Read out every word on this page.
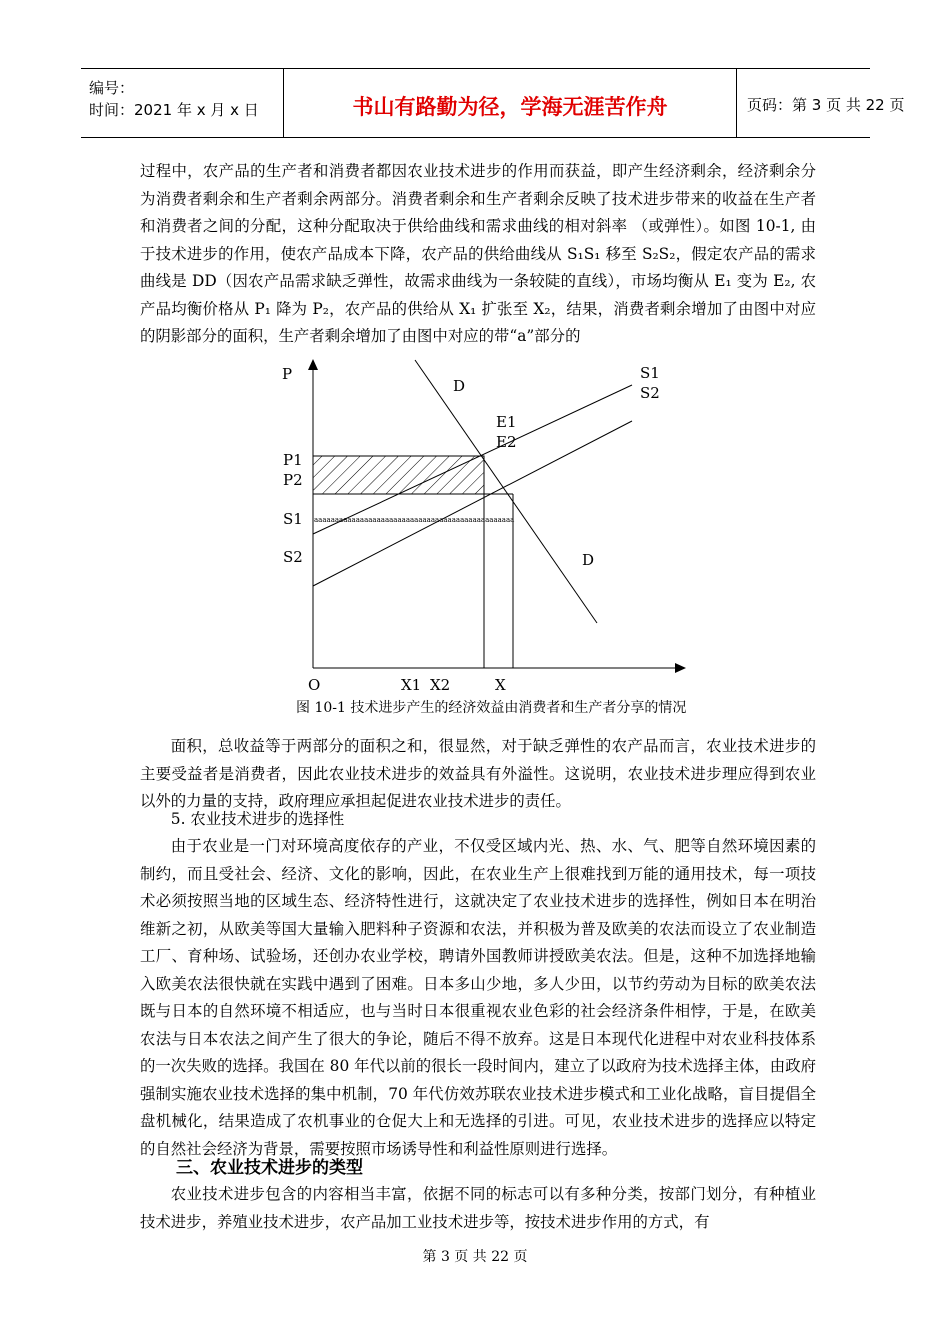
编号：
时间：2021 年 x 月 x 日	书山有路勤为径，学海无涯苦作舟	页码：第 3 页 共 22 页

过程中，农产品的生产者和消费者都因农业技术进步的作用而获益，即产生经济剩余，经济剩余分为消费者剩余和生产者剩余两部分。消费者剩余和生产者剩余反映了技术进步带来的收益在生产者和消费者之间的分配，这种分配取决于供给曲线和需求曲线的相对斜率 （或弹性）。如图 10-1, 由于技术进步的作用，使农产品成本下降，农产品的供给曲线从 S₁S₁ 移至 S₂S₂，假定农产品的需求曲线是 DD（因农产品需求缺乏弹性，故需求曲线为一条较陡的直线），市场均衡从 E₁ 变为 E₂, 农产品均衡价格从 P₁ 降为 P₂，农产品的供给从 X₁ 扩张至 X₂，结果，消费者剩余增加了由图中对应的阴影部分的面积，生产者剩余增加了由图中对应的带“a”部分的

aaaaaaaaaaaaaaaaaaaaaaaaaaaaaaaaaaaaaaaaaaaaaaaa
P
D
S1
S2
E1
E2
P1
P2
S1
S2	D
O	X1 X2	X
图 10-1 技术进步产生的经济效益由消费者和生产者分享的情况

面积，总收益等于两部分的面积之和，很显然，对于缺乏弹性的农产品而言，农业技术进步的主要受益者是消费者，因此农业技术进步的效益具有外溢性。这说明，农业技术进步理应得到农业以外的力量的支持，政府理应承担起促进农业技术进步的责任。

5. 农业技术进步的选择性

由于农业是一门对环境高度依存的产业，不仅受区域内光、热、水、气、肥等自然环境因素的制约，而且受社会、经济、文化的影响，因此，在农业生产上很难找到万能的通用技术，每一项技术必须按照当地的区域生态、经济特性进行，这就决定了农业技术进步的选择性，例如日本在明治维新之初，从欧美等国大量输入肥料种子资源和农法，并积极为普及欧美的农法而设立了农业制造工厂、育种场、试验场，还创办农业学校，聘请外国教师讲授欧美农法。但是，这种不加选择地输入欧美农法很快就在实践中遇到了困难。日本多山少地，多人少田，以节约劳动为目标的欧美农法既与日本的自然环境不相适应，也与当时日本很重视农业色彩的社会经济条件相悖，于是，在欧美农法与日本农法之间产生了很大的争论，随后不得不放弃。这是日本现代化进程中对农业科技体系的一次失败的选择。我国在 80 年代以前的很长一段时间内，建立了以政府为技术选择主体，由政府强制实施农业技术选择的集中机制，70 年代仿效苏联农业技术进步模式和工业化战略，盲目提倡全盘机械化，结果造成了农机事业的仓促大上和无选择的引进。可见，农业技术进步的选择应以特定的自然社会经济为背景，需要按照市场诱导性和利益性原则进行选择。

三、农业技术进步的类型

农业技术进步包含的内容相当丰富，依据不同的标志可以有多种分类，按部门划分，有种植业技术进步，养殖业技术进步，农产品加工业技术进步等，按技术进步作用的方式，有

第 3 页 共 22 页
